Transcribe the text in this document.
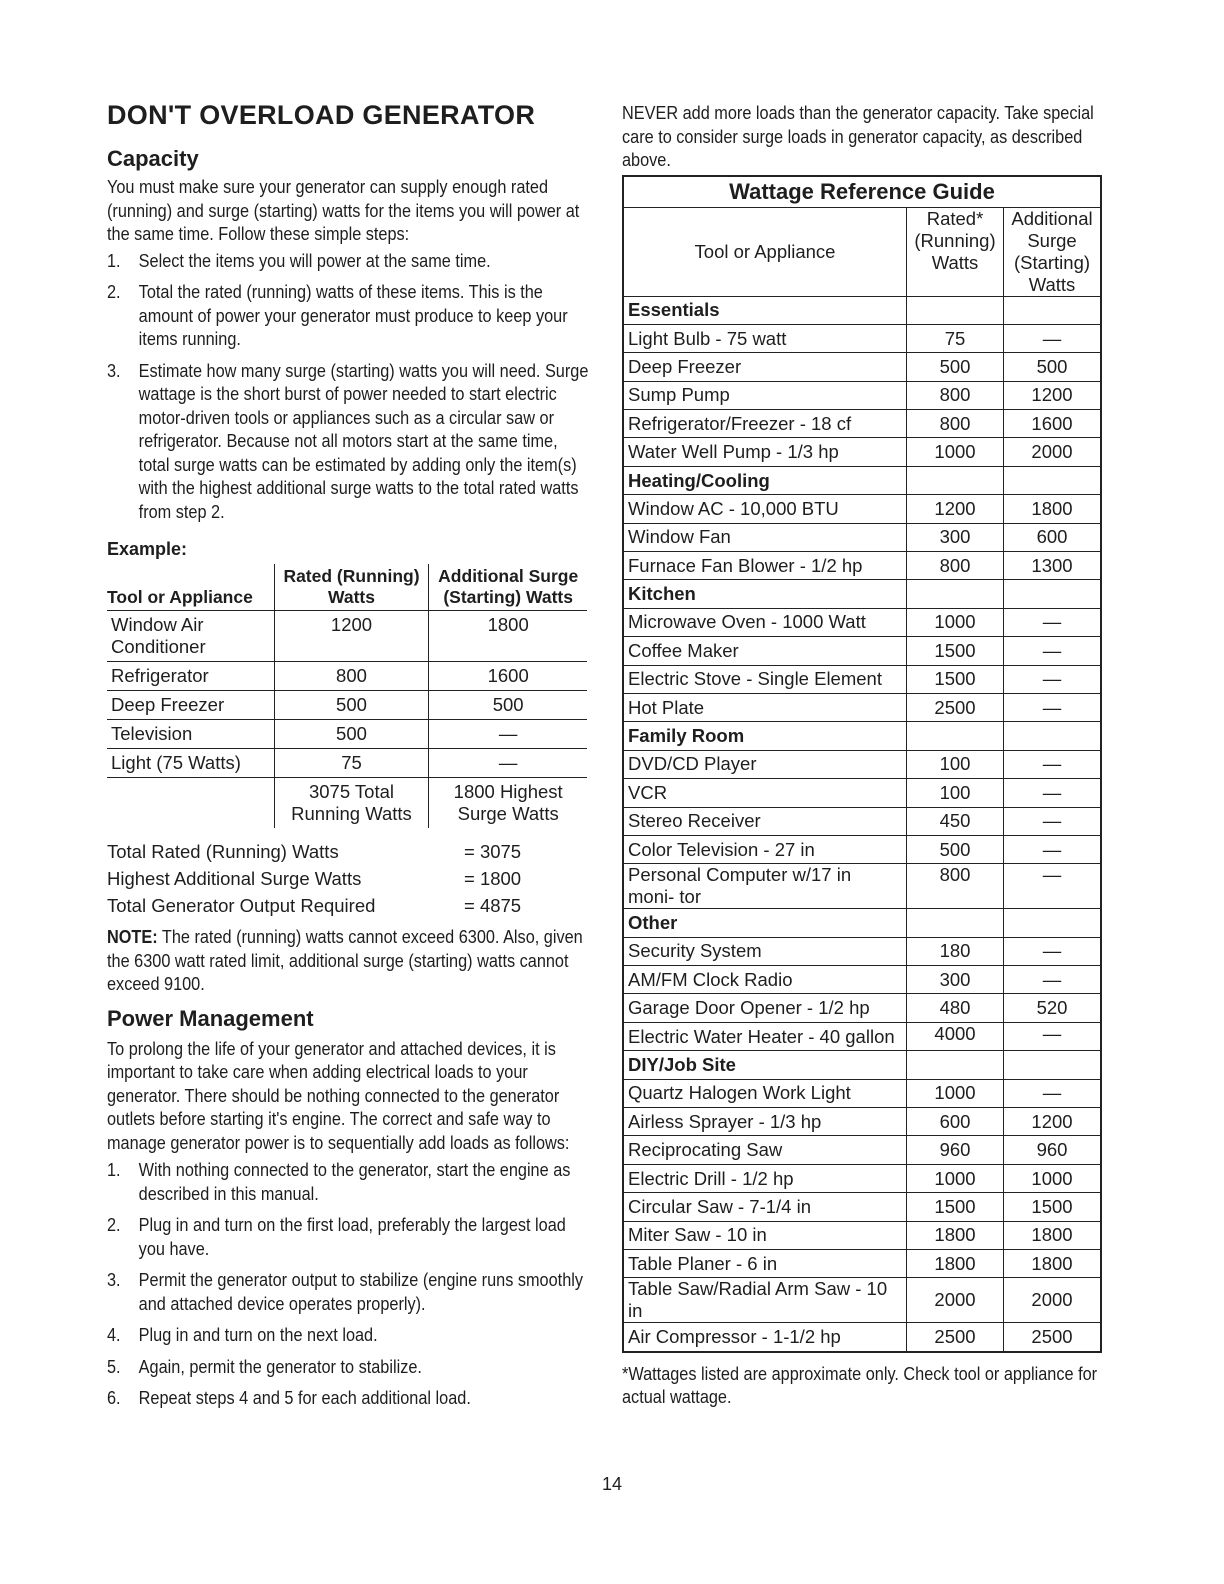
DON'T OVERLOAD GENERATOR
Capacity

You must make sure your generator can supply enough rated (running) and surge (starting) watts for the items you will power at the same time. Follow these simple steps:

1. Select the items you will power at the same time.
2. Total the rated (running) watts of these items. This is the amount of power your generator must produce to keep your items running.
3. Estimate how many surge (starting) watts you will need. Surge wattage is the short burst of power needed to start electric motor-driven tools or appliances such as a circular saw or refrigerator. Because not all motors start at the same time, total surge watts can be estimated by adding only the item(s) with the highest additional surge watts to the total rated watts from step 2.
Example:
Tool or Appliance	Rated (Running) Watts	Additional Surge (Starting) Watts
Window Air Conditioner	1200	1800
Refrigerator	800	1600
Deep Freezer	500	500
Television	500	—
Light (75 Watts)	75	—
	3075 Total Running Watts	1800 Highest Surge Watts
Total Rated (Running) Watts	= 3075
Highest Additional Surge Watts	= 1800
Total Generator Output Required	= 4875

NOTE: The rated (running) watts cannot exceed 6300. Also, given the 6300 watt rated limit, additional surge (starting) watts cannot exceed 9100.

Power Management

To prolong the life of your generator and attached devices, it is important to take care when adding electrical loads to your generator. There should be nothing connected to the generator outlets before starting it's engine. The correct and safe way to manage generator power is to sequentially add loads as follows:

1. With nothing connected to the generator, start the engine as described in this manual.
2. Plug in and turn on the first load, preferably the largest load you have.
3. Permit the generator output to stabilize (engine runs smoothly and attached device operates properly).
4. Plug in and turn on the next load.
5. Again, permit the generator to stabilize.
6. Repeat steps 4 and 5 for each additional load.

NEVER add more loads than the generator capacity. Take special care to consider surge loads in generator capacity, as described above.

Wattage Reference Guide		
Tool or Appliance	Rated* (Running) Watts	Additional Surge (Starting) Watts
Essentials		
Light Bulb - 75 watt	75	—
Deep Freezer	500	500
Sump Pump	800	1200
Refrigerator/Freezer - 18 cf	800	1600
Water Well Pump - 1/3 hp	1000	2000
Heating/Cooling		
Window AC - 10,000 BTU	1200	1800
Window Fan	300	600
Furnace Fan Blower - 1/2 hp	800	1300
Kitchen		
Microwave Oven - 1000 Watt	1000	—
Coffee Maker	1500	—
Electric Stove - Single Element	1500	—
Hot Plate	2500	—
Family Room		
DVD/CD Player	100	—
VCR	100	—
Stereo Receiver	450	—
Color Television - 27 in	500	—
Personal Computer w/17 in moni- tor	800	—
Other		
Security System	180	—
AM/FM Clock Radio	300	—
Garage Door Opener - 1/2 hp	480	520
Electric Water Heater - 40 gallon	4000	—
DIY/Job Site		
Quartz Halogen Work Light	1000	—
Airless Sprayer - 1/3 hp	600	1200
Reciprocating Saw	960	960
Electric Drill - 1/2 hp	1000	1000
Circular Saw - 7-1/4 in	1500	1500
Miter Saw - 10 in	1800	1800
Table Planer - 6 in	1800	1800
Table Saw/Radial Arm Saw - 10 in	2000	2000
Air Compressor - 1-1/2 hp	2500	2500

*Wattages listed are approximate only. Check tool or appliance for actual wattage.

14
